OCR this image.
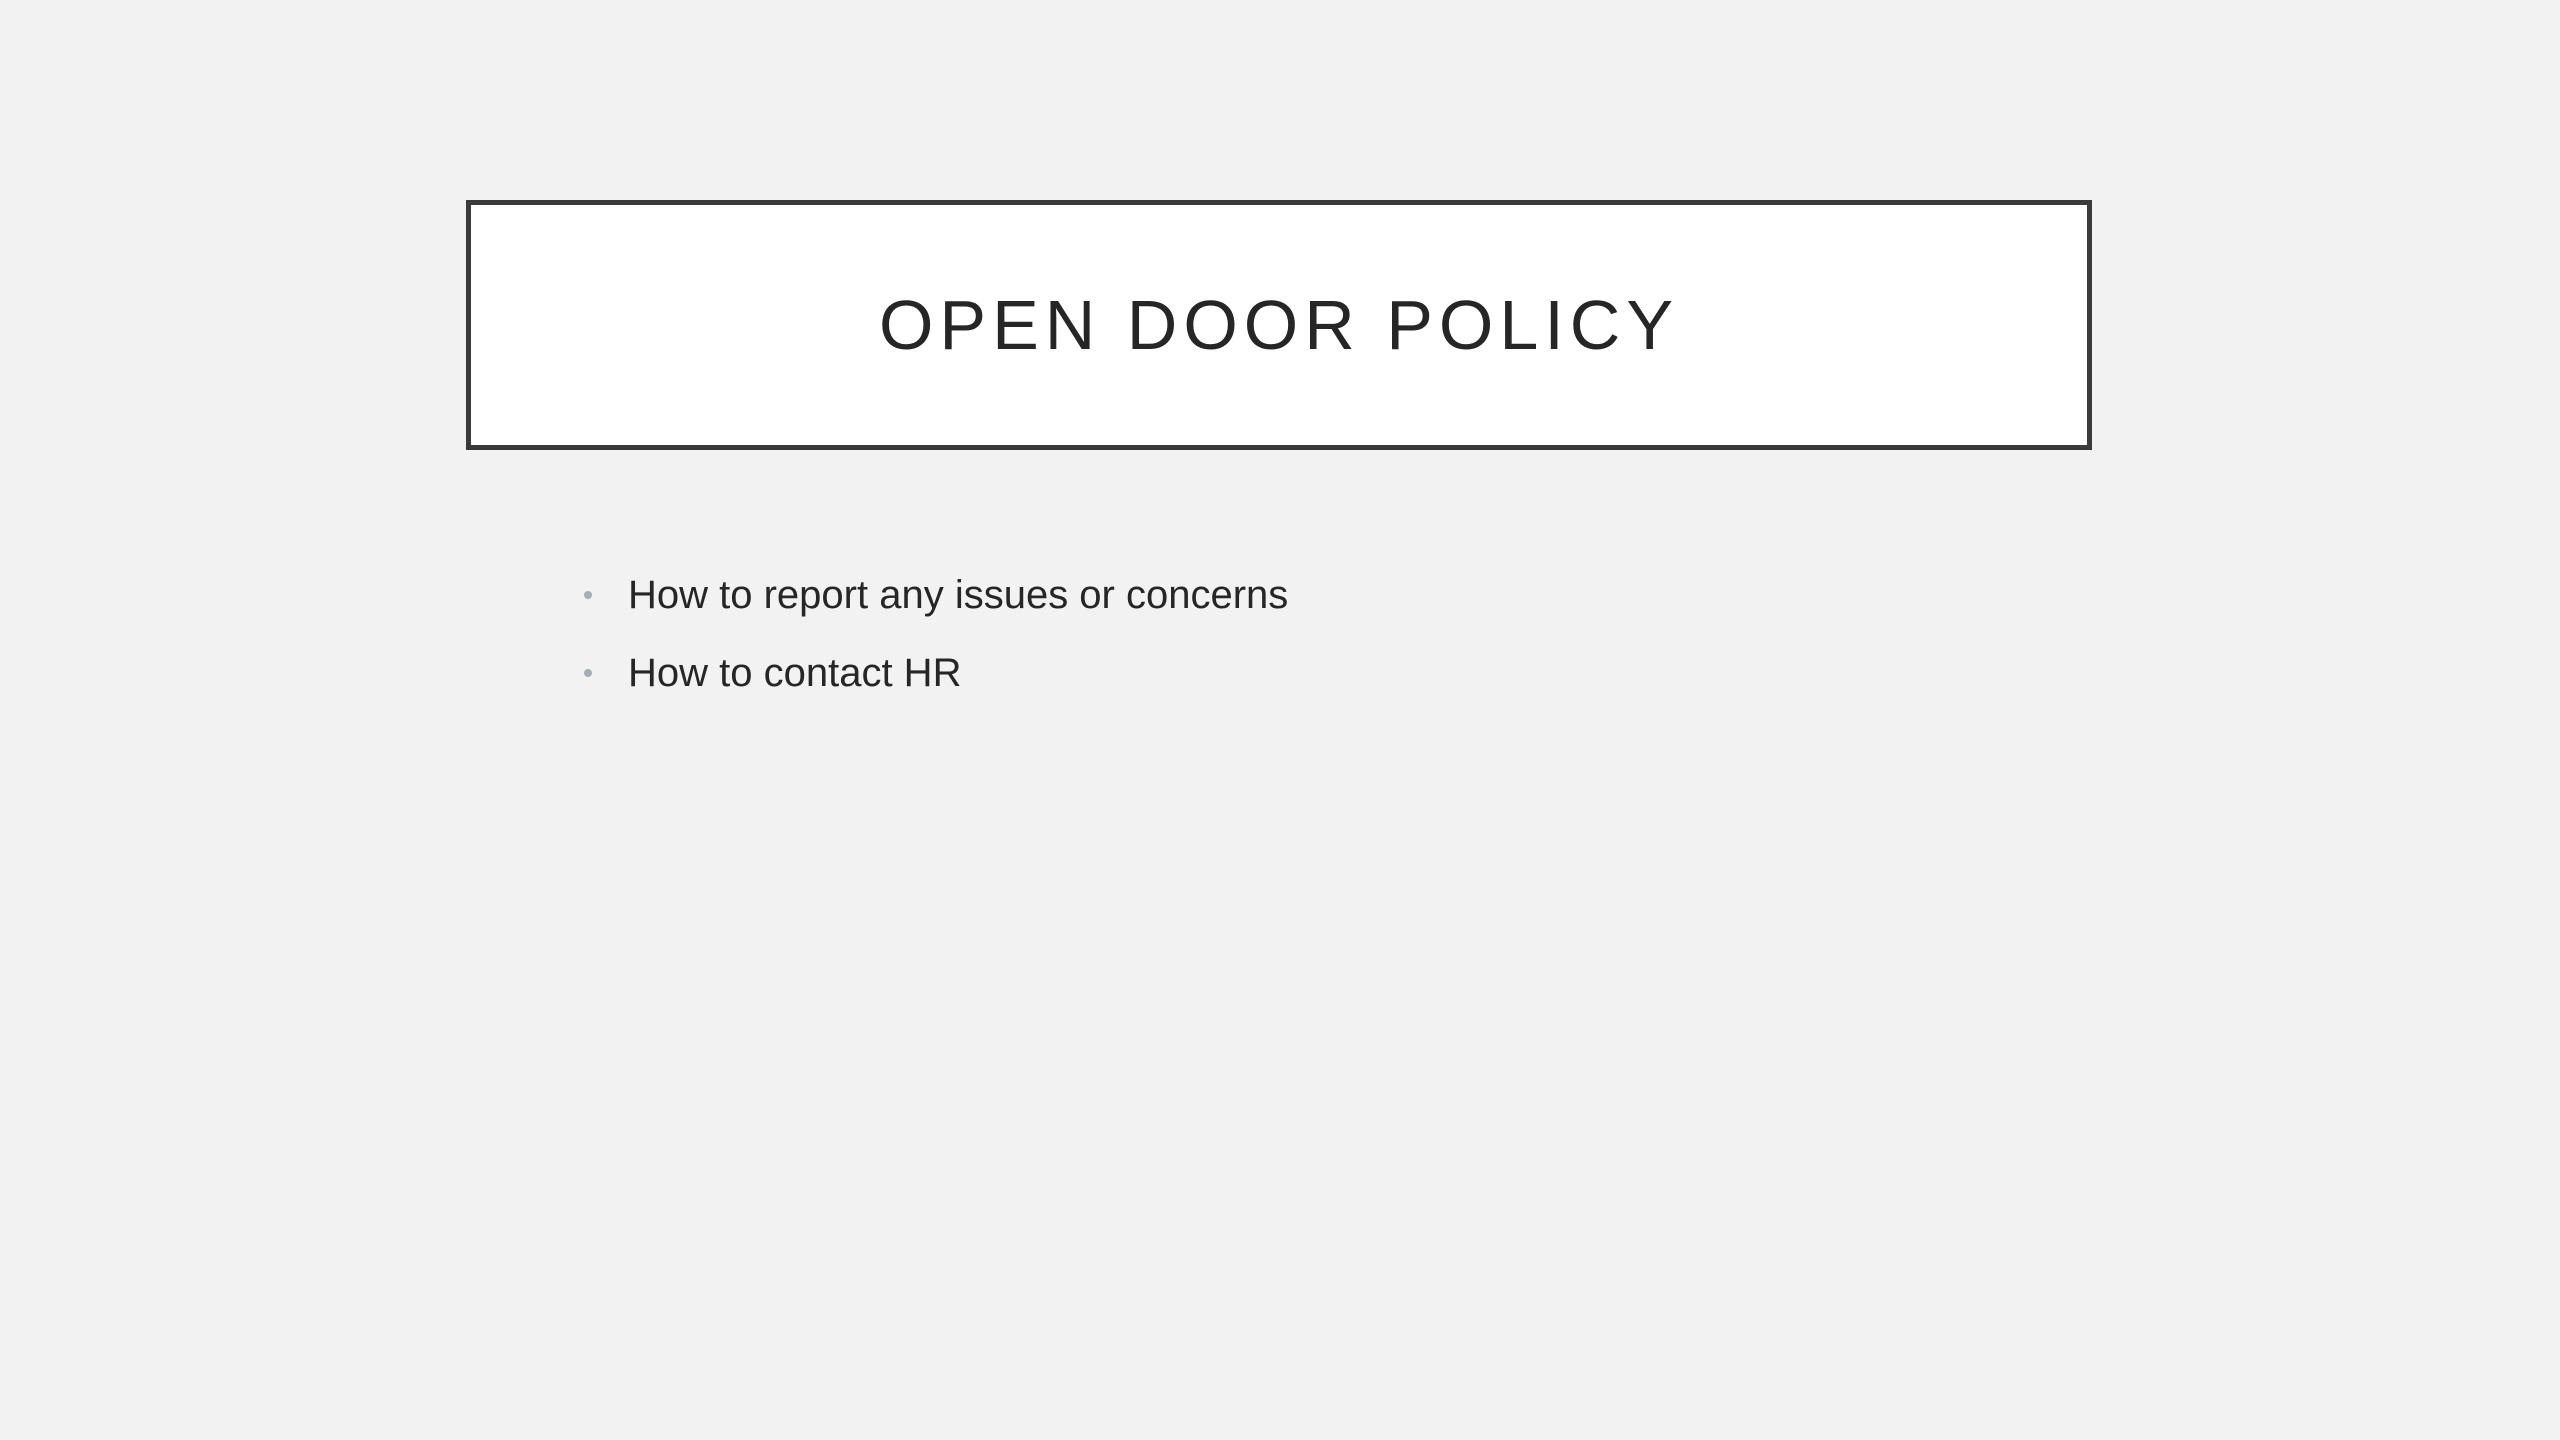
OPEN DOOR POLICY
How to report any issues or concerns
How to contact HR
